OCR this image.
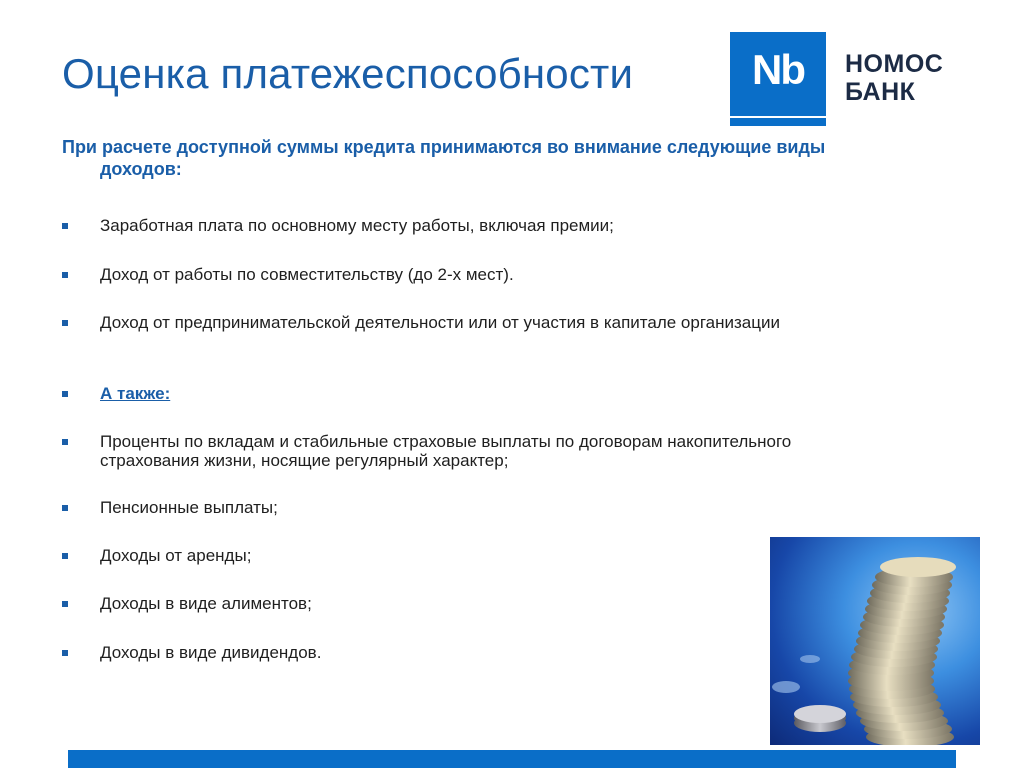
Оценка платежеспособности	Nb	НОМОС
БАНК
При расчете доступной суммы кредита принимаются во внимание следующие виды
доходов:
Заработная плата по основному месту работы, включая премии;
Доход от работы по совместительству (до 2-х мест).
Доход от предпринимательской деятельности или от участия в капитале организации
А также:
Проценты по вкладам и стабильные страховые выплаты по договорам накопительного
страхования жизни, носящие регулярный характер;
Пенсионные выплаты;
Доходы от аренды;
Доходы в виде алиментов;
Доходы в виде дивидендов.
